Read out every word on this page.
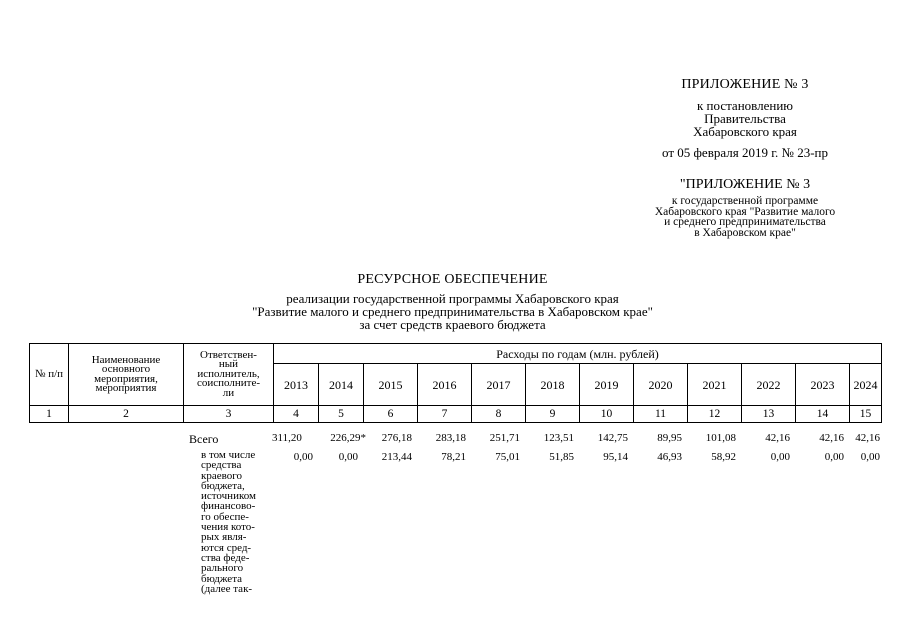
ПРИЛОЖЕНИЕ № 3
к постановлению
Правительства
Хабаровского края
от 05 февраля 2019 г. № 23-пр
"ПРИЛОЖЕНИЕ № 3
к государственной программе
Хабаровского края "Развитие малого
и среднего предпринимательства
в Хабаровском крае"
РЕСУРСНОЕ ОБЕСПЕЧЕНИЕ
реализации государственной программы Хабаровского края
"Развитие малого и среднего предпринимательства в Хабаровском крае"
за счет средств краевого бюджета
№ п/п	Наименование основного мероприятия, мероприятия	Ответствен-
ный
исполнитель,
соисполните-
ли	Расходы по годам (млн. рублей)											
			2013	2014	2015	2016	2017	2018	2019	2020	2021	2022	2023	2024
1	2	3	4	5	6	7	8	9	10	11	12	13	14	15
Всего	311,20	226,29*	276,18	283,18	251,71	123,51	142,75	89,95	101,08	42,16	42,16	42,16
в том числе
средства
краевого
бюджета,
источником
финансово-
го обеспе-
чения кото-
рых явля-
ются сред-
ства феде-
рального
бюджета
(далее так-
0,00	0,00	213,44	78,21	75,01	51,85	95,14	46,93	58,92	0,00	0,00	0,00
